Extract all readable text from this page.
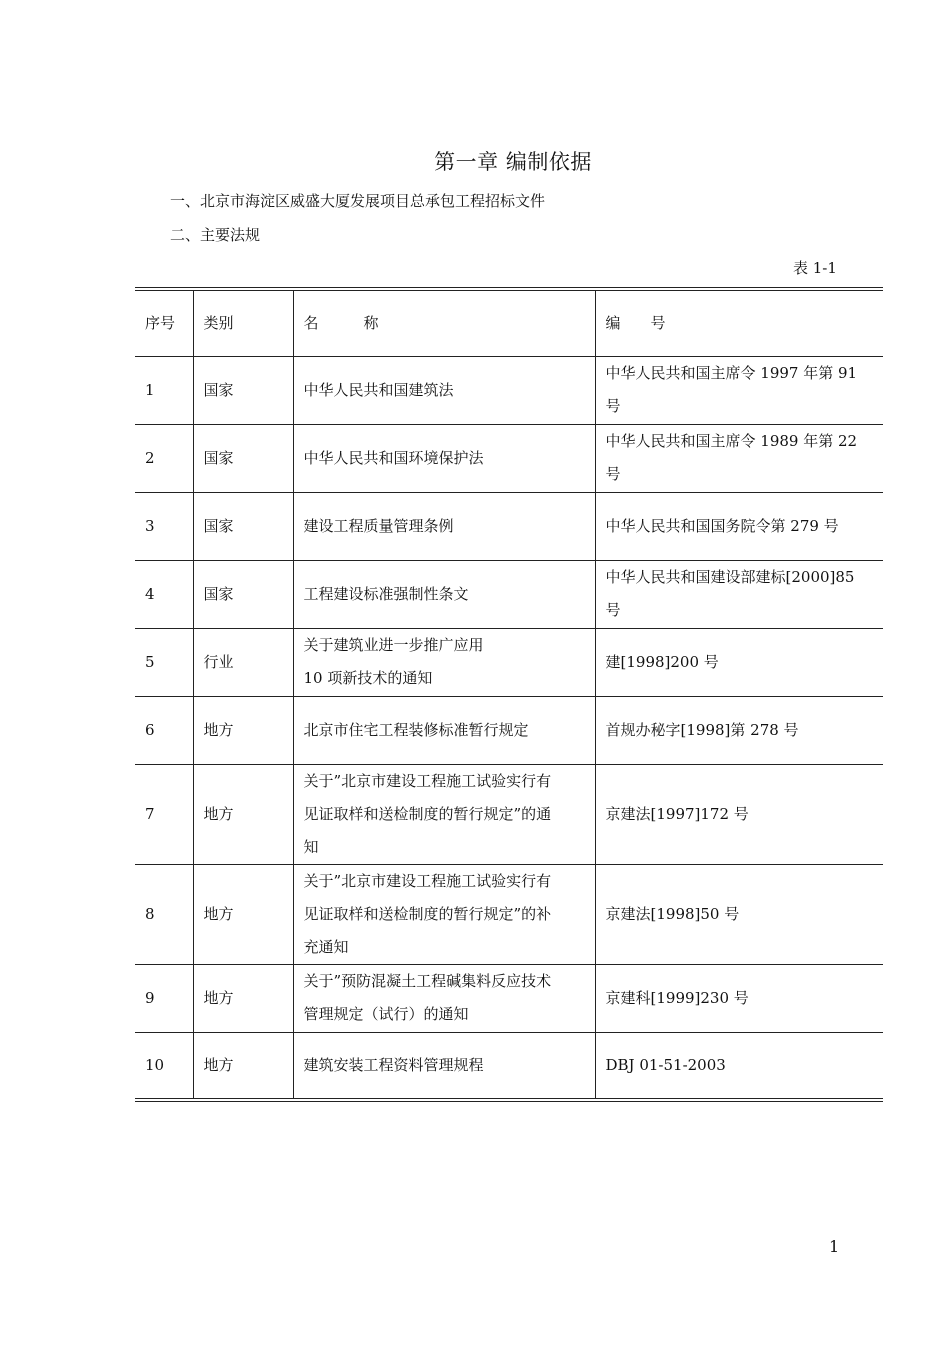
第一章 编制依据
一、北京市海淀区威盛大厦发展项目总承包工程招标文件
二、主要法规
表 1-1
序号	类别	名　　　称	编　　号
1	国家	中华人民共和国建筑法	中华人民共和国主席令 1997 年第 91
号

2	国家	中华人民共和国环境保护法	中华人民共和国主席令 1989 年第 22
号

3	国家	建设工程质量管理条例	中华人民共和国国务院令第 279 号

4	国家	工程建设标准强制性条文	中华人民共和国建设部建标[2000]85
号

5	行业	关于建筑业进一步推广应用
10 项新技术的通知	建[1998]200 号

6	地方	北京市住宅工程装修标准暂行规定	首规办秘字[1998]第 278 号

7	地方	关于”北京市建设工程施工试验实行有
见证取样和送检制度的暂行规定”的通
知	京建法[1997]172 号

8	地方	关于”北京市建设工程施工试验实行有
见证取样和送检制度的暂行规定”的补
充通知	京建法[1998]50 号

9	地方	关于”预防混凝土工程碱集料反应技术
管理规定（试行）的通知	京建科[1999]230 号

10	地方	建筑安装工程资料管理规程	DBJ 01-51-2003
1
